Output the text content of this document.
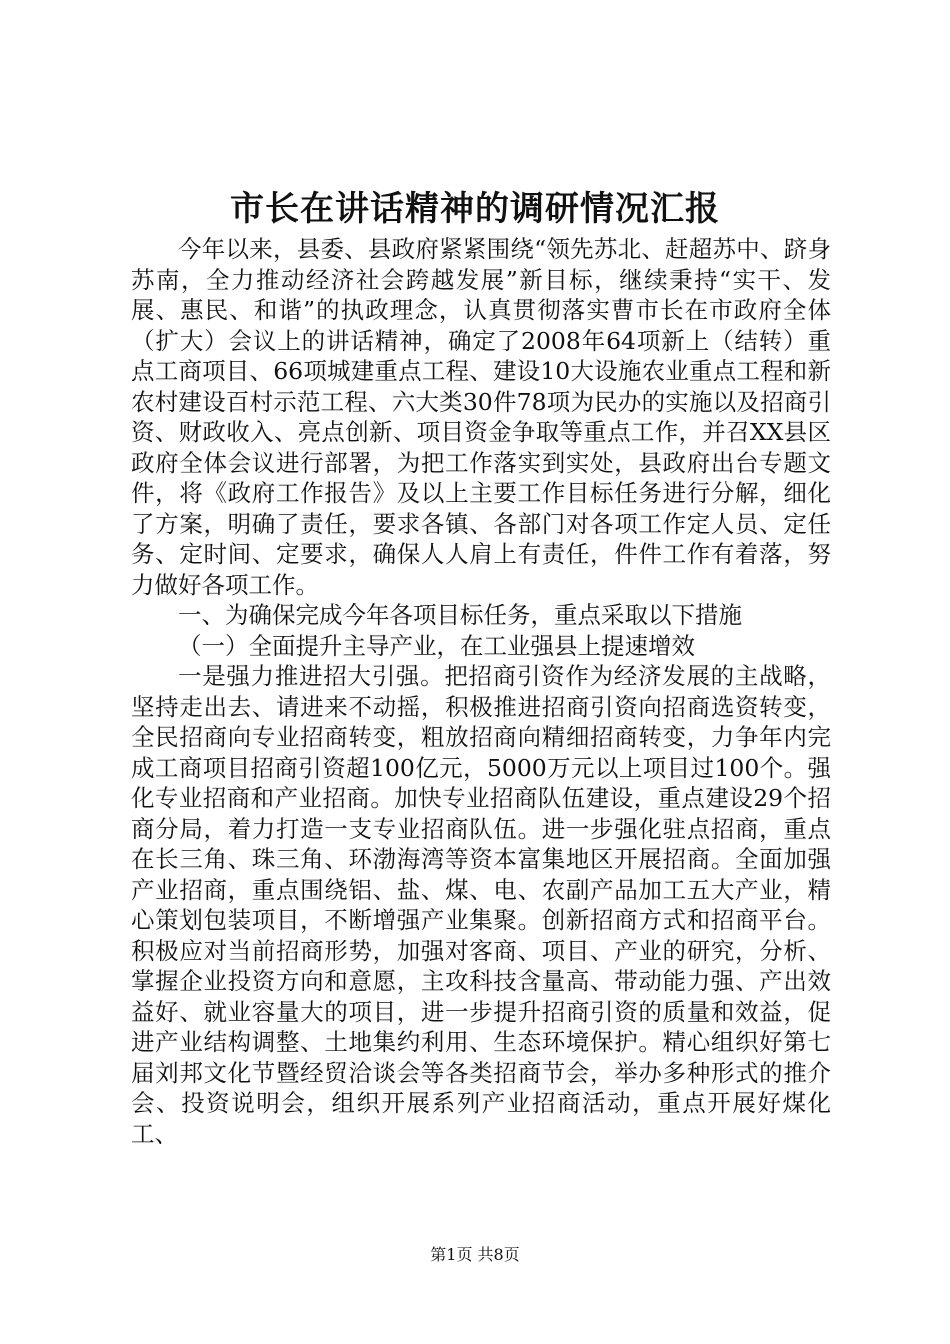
市长在讲话精神的调研情况汇报

今年以来，县委、县政府紧紧围绕“领先苏北、赶超苏中、跻身苏南，全力推动经济社会跨越发展”新目标，继续秉持“实干、发展、惠民、和谐”的执政理念，认真贯彻落实曹市长在市政府全体（扩大）会议上的讲话精神，确定了2008年64项新上（结转）重点工商项目、66项城建重点工程、建设10大设施农业重点工程和新农村建设百村示范工程、六大类30件78项为民办的实施以及招商引资、财政收入、亮点创新、项目资金争取等重点工作，并召XX县区政府全体会议进行部署，为把工作落实到实处，县政府出台专题文件，将《政府工作报告》及以上主要工作目标任务进行分解，细化了方案，明确了责任，要求各镇、各部门对各项工作定人员、定任务、定时间、定要求，确保人人肩上有责任，件件工作有着落，努力做好各项工作。

一、为确保完成今年各项目标任务，重点采取以下措施

（一）全面提升主导产业，在工业强县上提速增效

一是强力推进招大引强。把招商引资作为经济发展的主战略，坚持走出去、请进来不动摇，积极推进招商引资向招商选资转变，全民招商向专业招商转变，粗放招商向精细招商转变，力争年内完成工商项目招商引资超100亿元，5000万元以上项目过100个。强化专业招商和产业招商。加快专业招商队伍建设，重点建设29个招商分局，着力打造一支专业招商队伍。进一步强化驻点招商，重点在长三角、珠三角、环渤海湾等资本富集地区开展招商。全面加强产业招商，重点围绕铝、盐、煤、电、农副产品加工五大产业，精心策划包装项目，不断增强产业集聚。创新招商方式和招商平台。积极应对当前招商形势，加强对客商、项目、产业的研究，分析、掌握企业投资方向和意愿，主攻科技含量高、带动能力强、产出效益好、就业容量大的项目，进一步提升招商引资的质量和效益，促进产业结构调整、土地集约利用、生态环境保护。精心组织好第七届刘邦文化节暨经贸洽谈会等各类招商节会，举办多种形式的推介会、投资说明会，组织开展系列产业招商活动，重点开展好煤化工、

第1页 共8页
